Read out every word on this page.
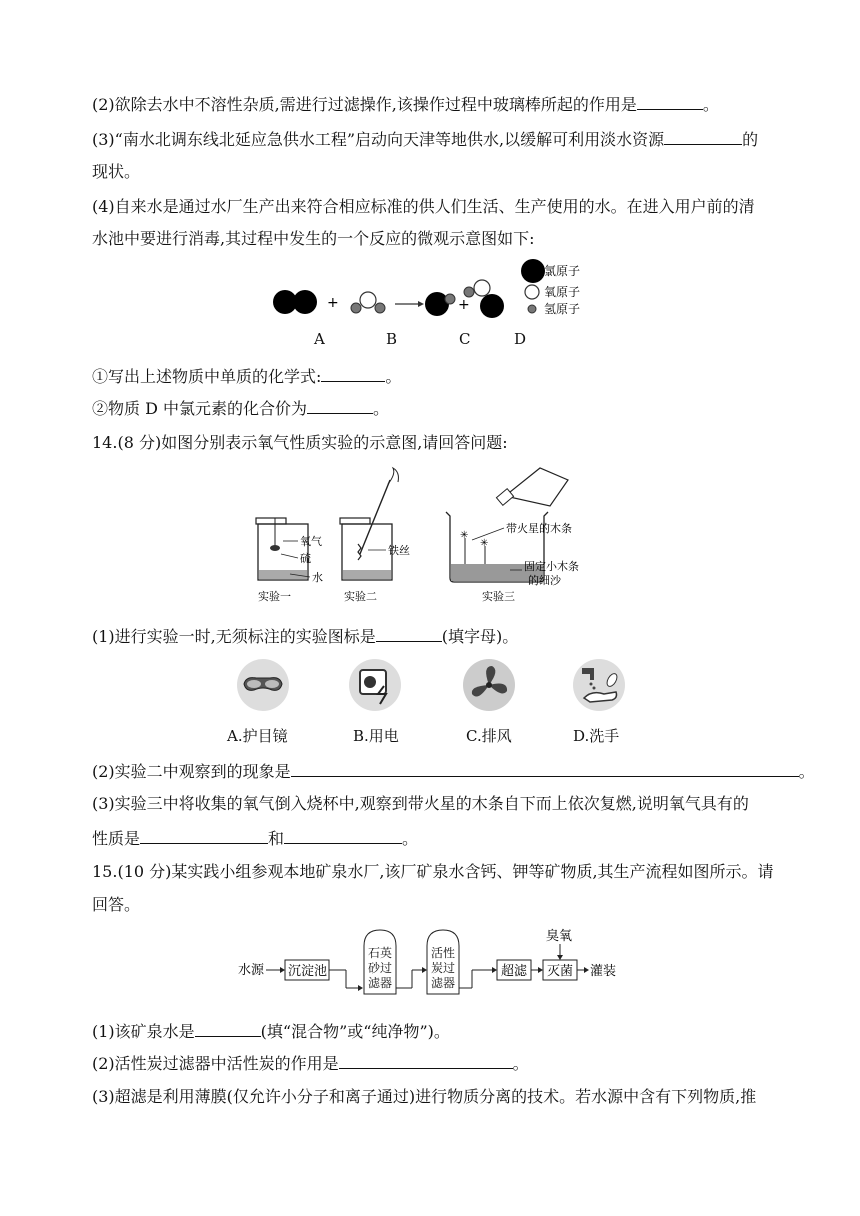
(2)欲除去水中不溶性杂质,需进行过滤操作,该操作过程中玻璃棒所起的作用是	。
(3)“南水北调东线北延应急供水工程”启动向天津等地供水,以缓解可利用淡水资源	的
现状。
(4)自来水是通过水厂生产出来符合相应标准的供人们生活、生产使用的水。在进入用户前的清
水池中要进行消毒,其过程中发生的一个反应的微观示意图如下:
+	+
氯原子
氧原子
氢原子
A	B	C	D
①写出上述物质中单质的化学式:	。
②物质 D 中氯元素的化合价为	。
14.(8 分)如图分别表示氧气性质实验的示意图,请回答问题:
氧气
硫
水
实验一
铁丝
实验二
✳
✳
带火星的木条
固定小木条
的细沙
实验三
(1)进行实验一时,无须标注的实验图标是	(填字母)。
A.护目镜	B.用电	C.排风	D.洗手
(2)实验二中观察到的现象是	。
(3)实验三中将收集的氧气倒入烧杯中,观察到带火星的木条自下而上依次复燃,说明氧气具有的
性质是	和	。
15.(10 分)某实践小组参观本地矿泉水厂,该厂矿泉水含钙、钾等矿物质,其生产流程如图所示。请
回答。
水源 沉淀池
石英砂过滤器
活性炭过滤器
超滤 灭菌
臭氧
灌装
(1)该矿泉水是	(填“混合物”或“纯净物”)。
(2)活性炭过滤器中活性炭的作用是	。
(3)超滤是利用薄膜(仅允许小分子和离子通过)进行物质分离的技术。若水源中含有下列物质,推
